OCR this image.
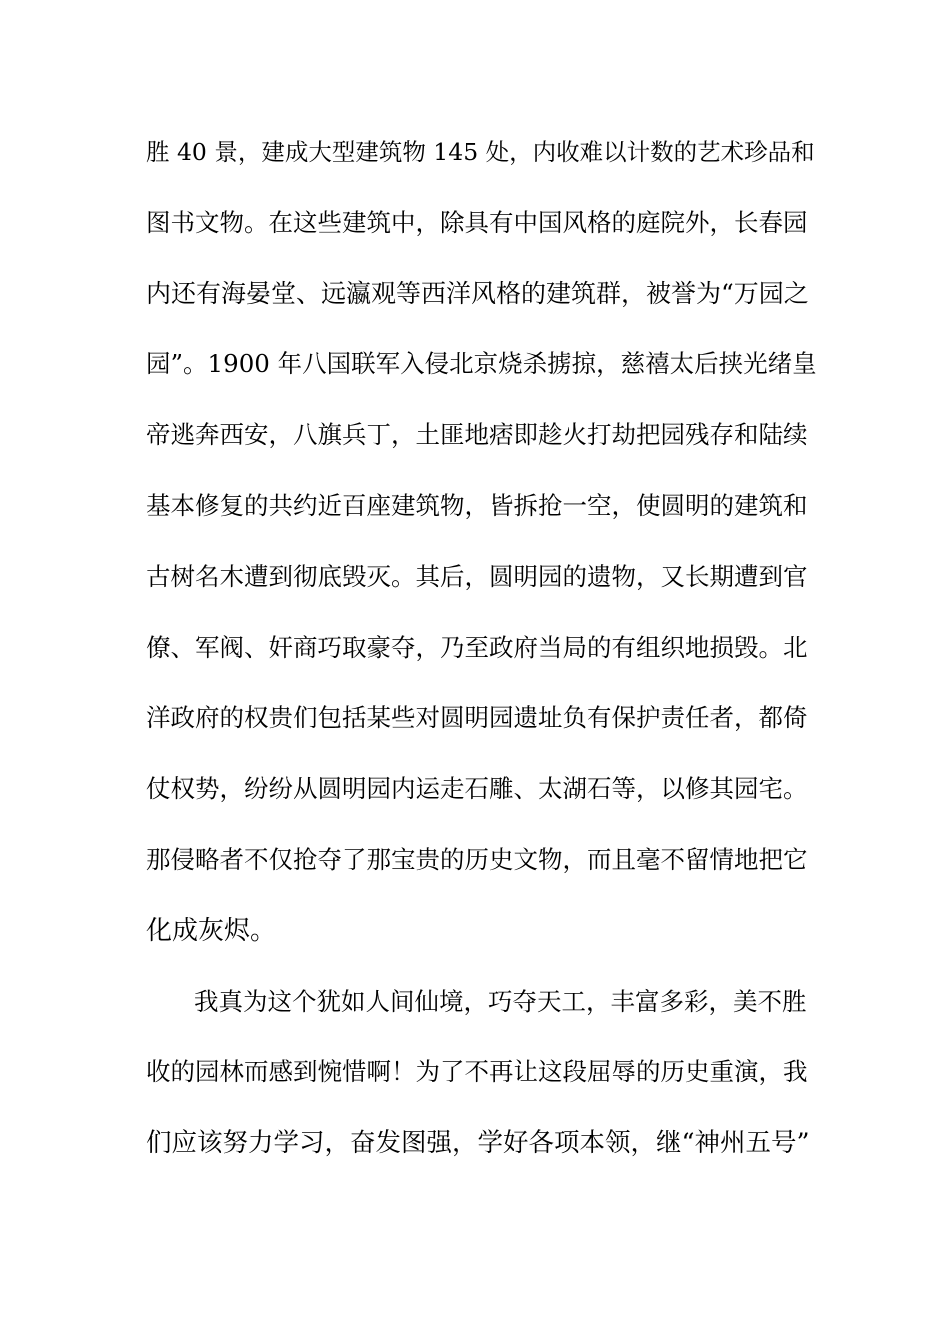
胜 40 景，建成大型建筑物 145 处，内收难以计数的艺术珍品和
图书文物。在这些建筑中，除具有中国风格的庭院外，长春园
内还有海晏堂、远瀛观等西洋风格的建筑群，被誉为“万园之
园”。1900 年八国联军入侵北京烧杀掳掠，慈禧太后挟光绪皇
帝逃奔西安，八旗兵丁，土匪地痞即趁火打劫把园残存和陆续
基本修复的共约近百座建筑物，皆拆抢一空，使圆明的建筑和
古树名木遭到彻底毁灭。其后，圆明园的遗物，又长期遭到官
僚、军阀、奸商巧取豪夺，乃至政府当局的有组织地损毁。北
洋政府的权贵们包括某些对圆明园遗址负有保护责任者，都倚
仗权势，纷纷从圆明园内运走石雕、太湖石等，以修其园宅。
那侵略者不仅抢夺了那宝贵的历史文物，而且毫不留情地把它
化成灰烬。
我真为这个犹如人间仙境，巧夺天工，丰富多彩，美不胜
收的园林而感到惋惜啊！为了不再让这段屈辱的历史重演，我
们应该努力学习，奋发图强，学好各项本领，继“神州五号”
